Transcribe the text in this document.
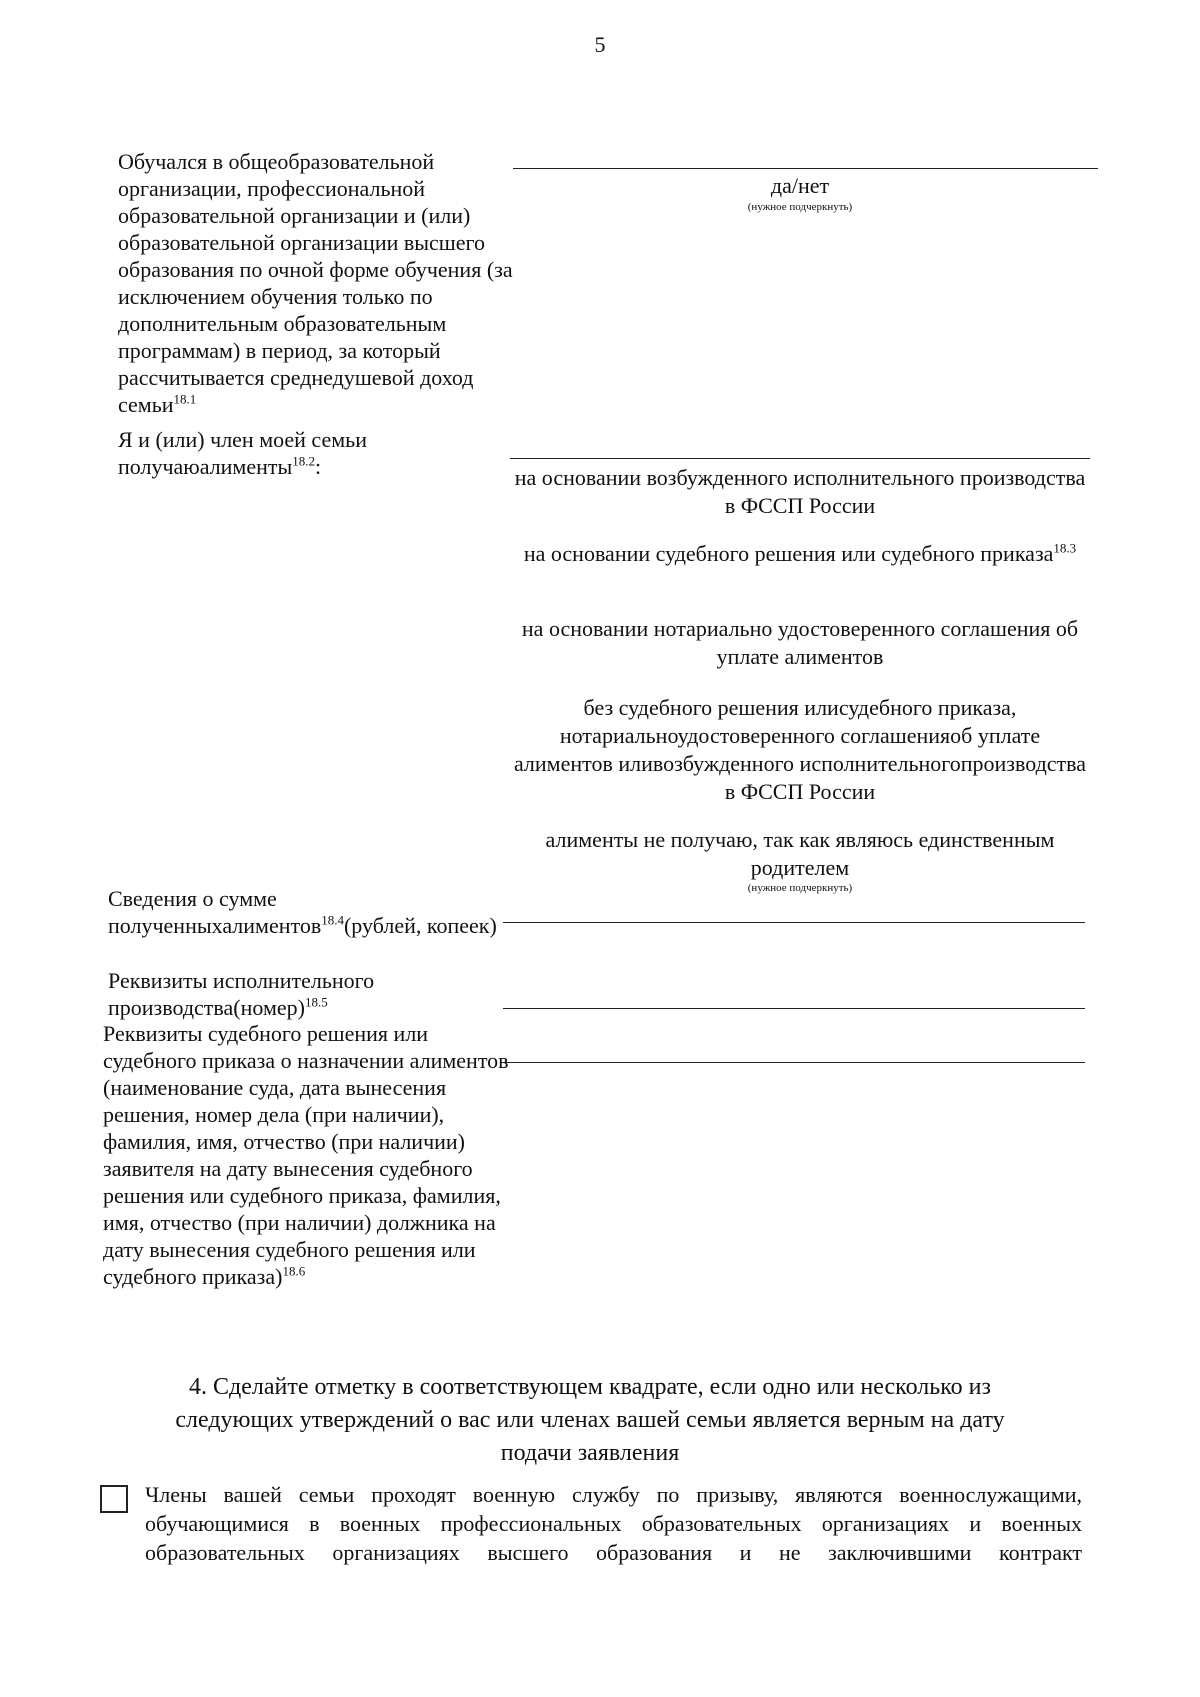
5
Обучался в общеобразовательной организации, профессиональной образовательной организации и (или) образовательной организации высшего образования по очной форме обучения (за исключением обучения только по дополнительным образовательным программам) в период, за который рассчитывается среднедушевой доход семьи$^{18.1}$
да/нет
(нужное подчеркнуть)
Я и (или) член моей семьи получаюалименты$^{18.2}$:	на основании возбужденного исполнительного производства в ФССП России
на основании судебного решения или судебного приказа$^{18.3}$
на основании нотариально удостоверенного соглашения об уплате алиментов
без судебного решения илисудебного приказа, нотариальноудостоверенного соглашенияоб уплате алиментов иливозбужденного исполнительногопроизводства в ФССП России
алименты не получаю, так как являюсь единственным родителем
(нужное подчеркнуть)
Сведения о сумме полученныхалиментов$^{18.4}$(рублей, копеек)
Реквизиты исполнительного производства(номер)$^{18.5}$
Реквизиты судебного решения или судебного приказа о назначении алиментов (наименование суда, дата вынесения решения, номер дела (при наличии), фамилия, имя, отчество (при наличии) заявителя на дату вынесения судебного решения или судебного приказа, фамилия, имя, отчество (при наличии) должника на дату вынесения судебного решения или судебного приказа)$^{18.6}$
4. Сделайте отметку в соответствующем квадрате, если одно или несколько из следующих утверждений о вас или членах вашей семьи является верным на дату подачи заявления
Члены вашей семьи проходят военную службу по призыву, являются военнослужащими, обучающимися в военных профессиональных образовательных организациях и военных образовательных организациях высшего образования и не заключившими контракт
